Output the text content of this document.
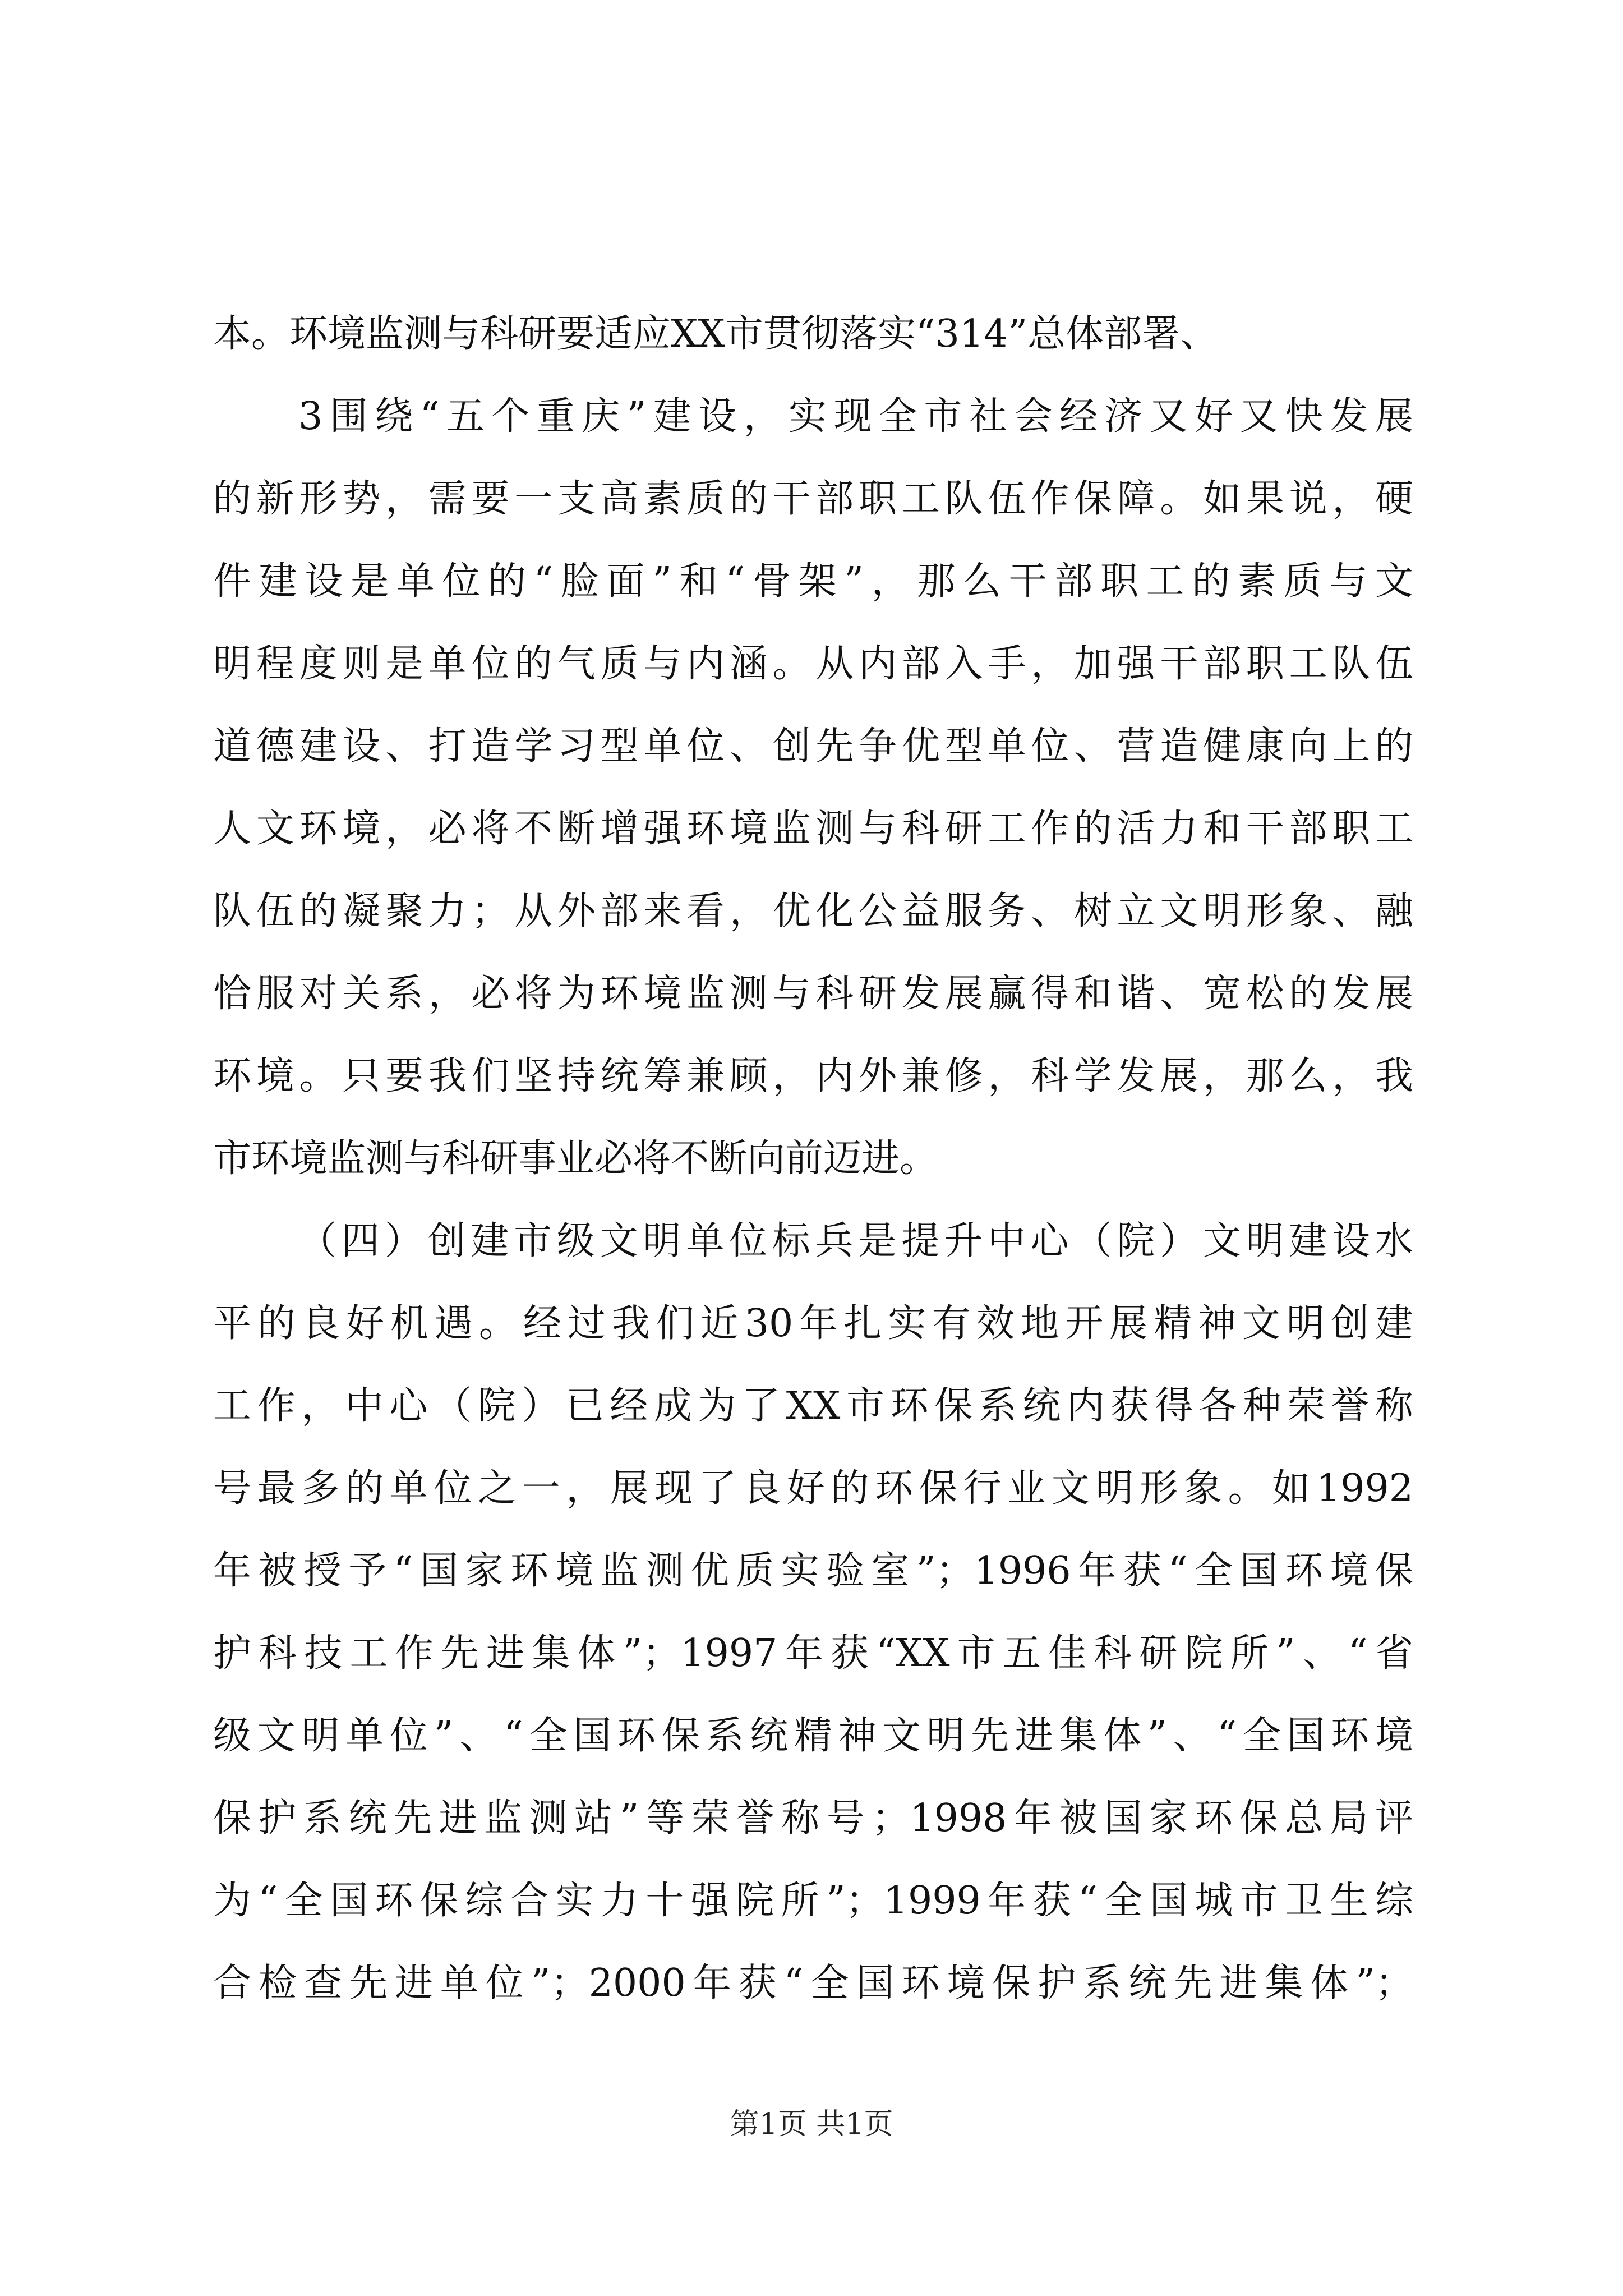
本。环境监测与科研要适应XX市贯彻落实“314”总体部署、
3围绕“五个重庆”建设，实现全市社会经济又好又快发展
的新形势，需要一支高素质的干部职工队伍作保障。如果说，硬
件建设是单位的“脸面”和“骨架”，那么干部职工的素质与文
明程度则是单位的气质与内涵。从内部入手，加强干部职工队伍
道德建设、打造学习型单位、创先争优型单位、营造健康向上的
人文环境，必将不断增强环境监测与科研工作的活力和干部职工
队伍的凝聚力；从外部来看，优化公益服务、树立文明形象、融
恰服对关系，必将为环境监测与科研发展赢得和谐、宽松的发展
环境。只要我们坚持统筹兼顾，内外兼修，科学发展，那么，我
市环境监测与科研事业必将不断向前迈进。
（四）创建市级文明单位标兵是提升中心（院）文明建设水
平的良好机遇。经过我们近30年扎实有效地开展精神文明创建
工作，中心（院）已经成为了XX市环保系统内获得各种荣誉称
号最多的单位之一，展现了良好的环保行业文明形象。如1992
年被授予“国家环境监测优质实验室”；1996年获“全国环境保
护科技工作先进集体”；1997年获“XX市五佳科研院所”、“省
级文明单位”、“全国环保系统精神文明先进集体”、“全国环境
保护系统先进监测站”等荣誉称号；1998年被国家环保总局评
为“全国环保综合实力十强院所”；1999年获“全国城市卫生综
合检查先进单位”；2000年获“全国环境保护系统先进集体”；
第1页 共1页
